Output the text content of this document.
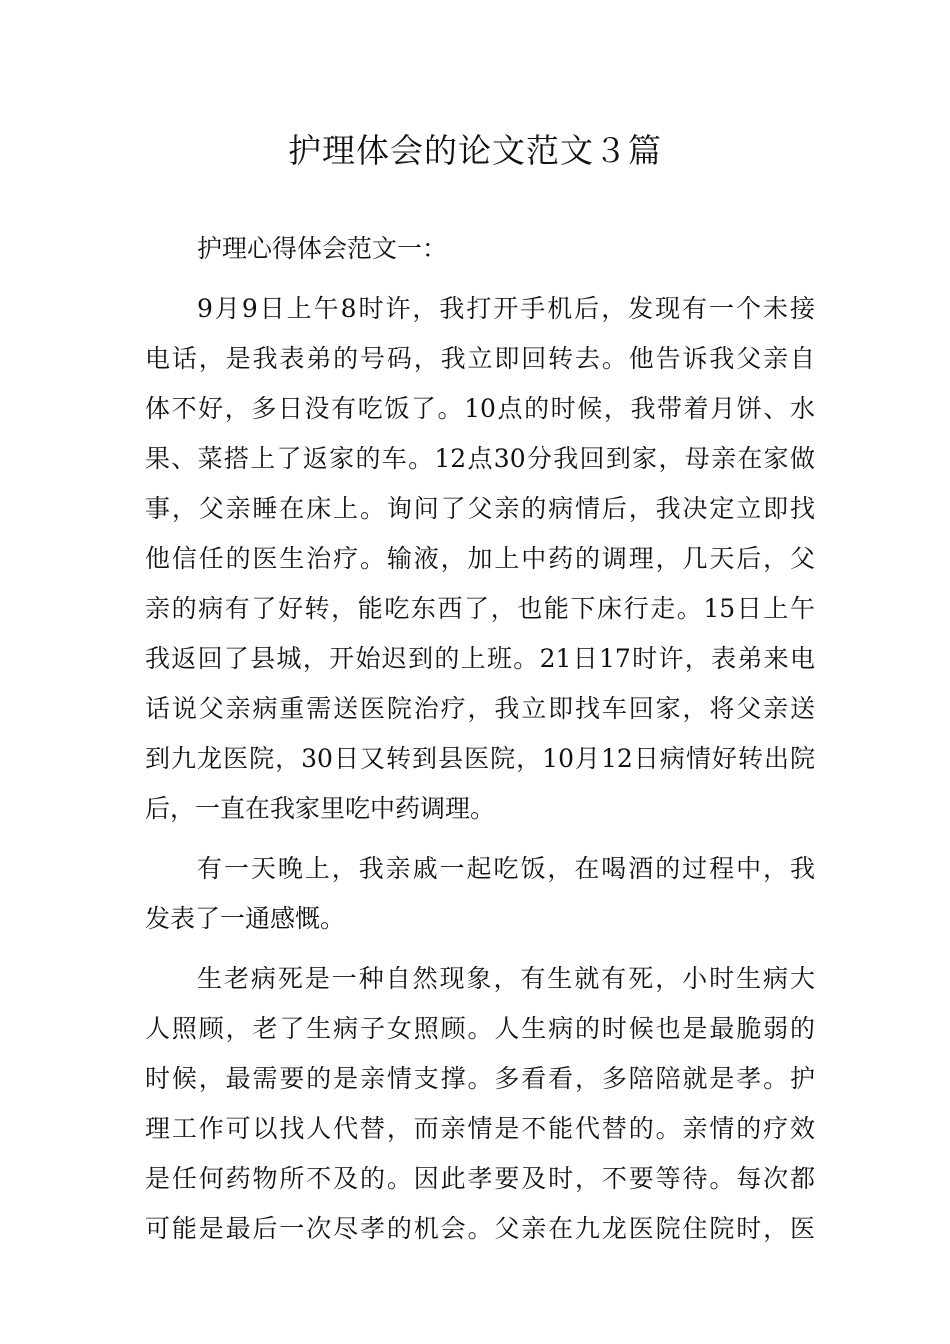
护理体会的论文范文３篇
护理心得体会范文一：
9月9日上午8时许，我打开手机后，发现有一个未接
电话，是我表弟的号码，我立即回转去。他告诉我父亲自
体不好，多日没有吃饭了。10点的时候，我带着月饼、水
果、菜搭上了返家的车。12点30分我回到家，母亲在家做
事，父亲睡在床上。询问了父亲的病情后，我决定立即找
他信任的医生治疗。输液，加上中药的调理，几天后，父
亲的病有了好转，能吃东西了，也能下床行走。15日上午
我返回了县城，开始迟到的上班。21日17时许，表弟来电
话说父亲病重需送医院治疗，我立即找车回家，将父亲送
到九龙医院，30日又转到县医院，10月12日病情好转出院
后，一直在我家里吃中药调理。
有一天晚上，我亲戚一起吃饭，在喝酒的过程中，我
发表了一通感慨。
生老病死是一种自然现象，有生就有死，小时生病大
人照顾，老了生病子女照顾。人生病的时候也是最脆弱的
时候，最需要的是亲情支撑。多看看，多陪陪就是孝。护
理工作可以找人代替，而亲情是不能代替的。亲情的疗效
是任何药物所不及的。因此孝要及时，不要等待。每次都
可能是最后一次尽孝的机会。父亲在九龙医院住院时，医
